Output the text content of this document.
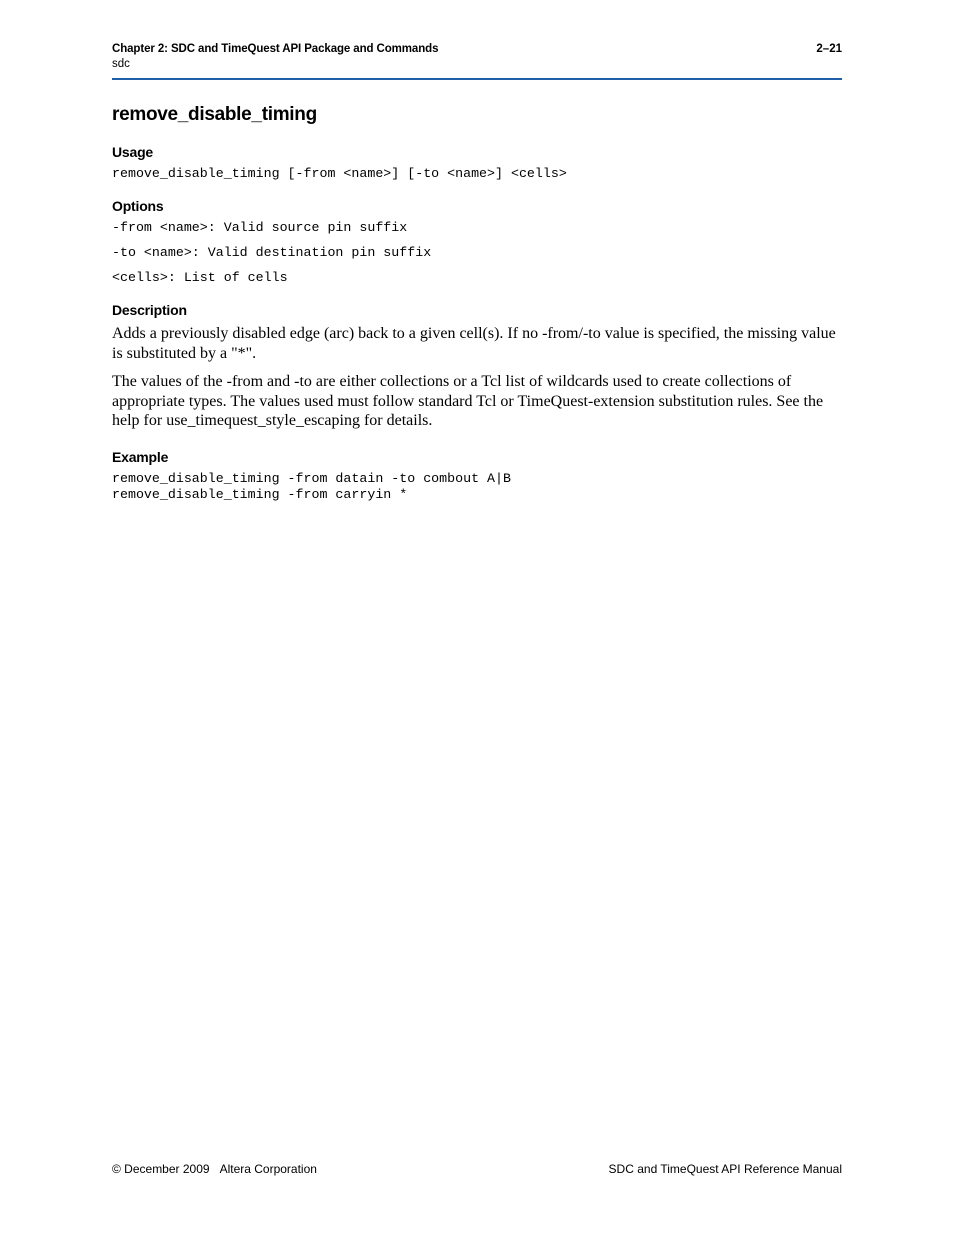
Chapter 2: SDC and TimeQuest API Package and Commands	2–21
sdc
remove_disable_timing
Usage
remove_disable_timing [-from <name>] [-to <name>] <cells>
Options
-from <name>: Valid source pin suffix
-to <name>: Valid destination pin suffix
<cells>: List of cells
Description

Adds a previously disabled edge (arc) back to a given cell(s). If no -from/-to value is specified, the missing value is substituted by a "*".

The values of the -from and -to are either collections or a Tcl list of wildcards used to create collections of appropriate types. The values used must follow standard Tcl or TimeQuest-extension substitution rules. See the help for use_timequest_style_escaping for details.

Example
remove_disable_timing -from datain -to combout A|B
remove_disable_timing -from carryin *
© December 2009 Altera Corporation	SDC and TimeQuest API Reference Manual
